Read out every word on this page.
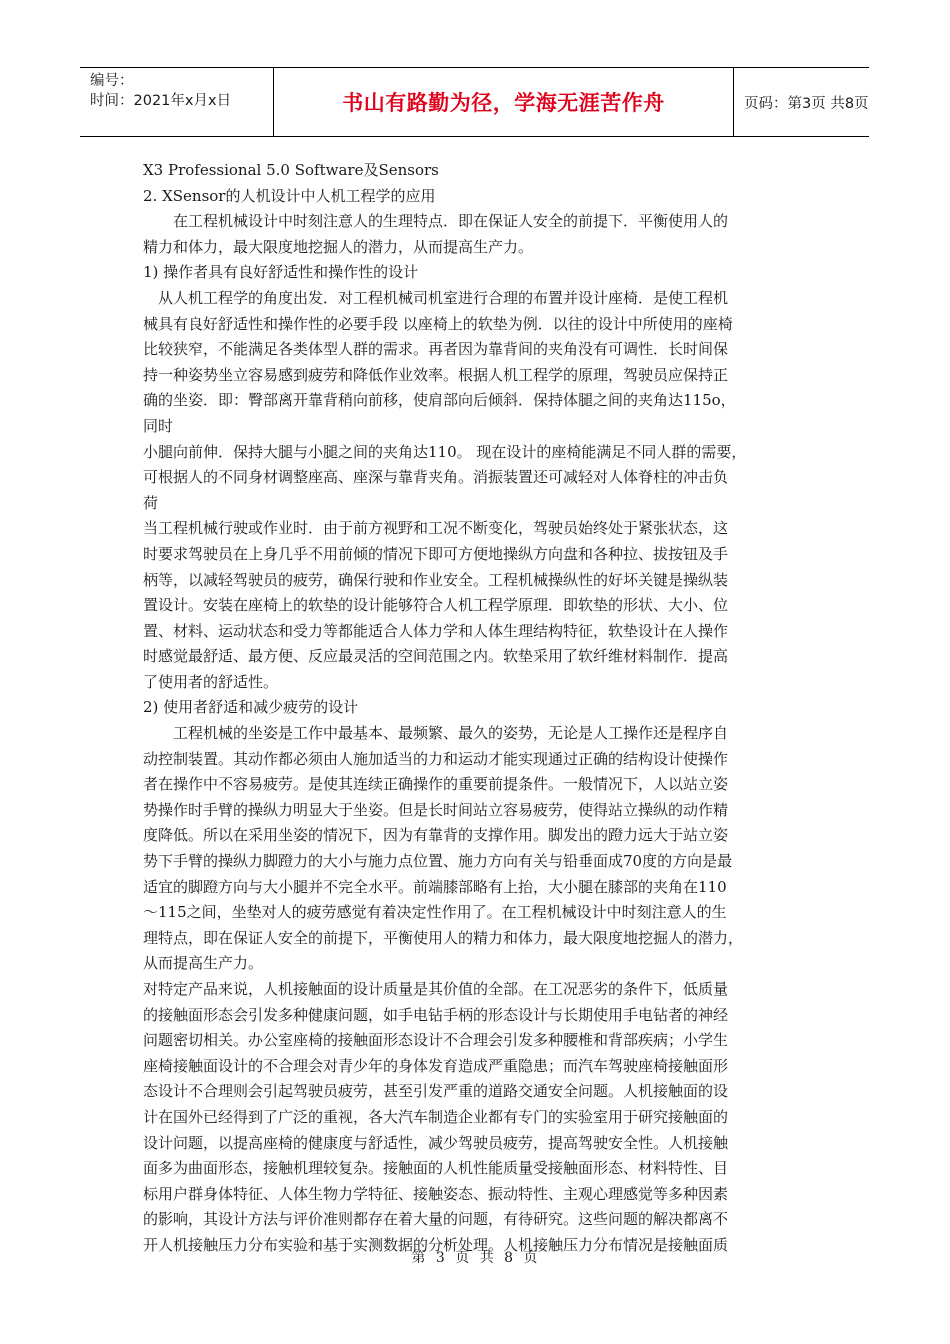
编号：
时间：2021年x月x日	书山有路勤为径，学海无涯苦作舟	页码：第3页 共8页

X3 Professional 5.0 Software及Sensors

2. XSensor的人机设计中人机工程学的应用

　　在工程机械设计中时刻注意人的生理特点．即在保证人安全的前提下．平衡使用人的

精力和体力，最大限度地挖掘人的潜力，从而提高生产力。

1) 操作者具有良好舒适性和操作性的设计

　从人机工程学的角度出发．对工程机械司机室进行合理的布置并设计座椅．是使工程机

械具有良好舒适性和操作性的必要手段 以座椅上的软垫为例．以往的设计中所使用的座椅

比较狭窄，不能满足各类体型人群的需求。再者因为靠背间的夹角没有可调性．长时间保

持一种姿势坐立容易感到疲劳和降低作业效率。根据人机工程学的原理，驾驶员应保持正

确的坐姿．即：臀部离开靠背稍向前移，使肩部向后倾斜．保持体腿之间的夹角达115o，

同时

小腿向前伸．保持大腿与小腿之间的夹角达110。 现在设计的座椅能满足不同人群的需要，

可根据人的不同身材调整座高、座深与靠背夹角。消振装置还可减轻对人体脊柱的冲击负

荷

当工程机械行驶或作业时．由于前方视野和工况不断变化，驾驶员始终处于紧张状态，这

时要求驾驶员在上身几乎不用前倾的情况下即可方便地操纵方向盘和各种拉、拔按钮及手

柄等，以减轻驾驶员的疲劳，确保行驶和作业安全。工程机械操纵性的好坏关键是操纵装

置设计。安装在座椅上的软垫的设计能够符合人机工程学原理．即软垫的形状、大小、位

置、材料、运动状态和受力等都能适合人体力学和人体生理结构特征，软垫设计在人操作

时感觉最舒适、最方便、反应最灵活的空间范围之内。软垫采用了软纤维材料制作．提高

了使用者的舒适性。

2) 使用者舒适和减少疲劳的设计

　　工程机械的坐姿是工作中最基本、最频繁、最久的姿势，无论是人工操作还是程序自

动控制装置。其动作都必须由人施加适当的力和运动才能实现通过正确的结构设计使操作

者在操作中不容易疲劳。是使其连续正确操作的重要前提条件。一般情况下，人以站立姿

势操作时手臂的操纵力明显大于坐姿。但是长时间站立容易疲劳，使得站立操纵的动作精

度降低。所以在采用坐姿的情况下，因为有靠背的支撑作用。脚发出的蹬力远大于站立姿

势下手臂的操纵力脚蹬力的大小与施力点位置、施力方向有关与铅垂面成70度的方向是最

适宜的脚蹬方向与大小腿并不完全水平。前端膝部略有上抬，大小腿在膝部的夹角在110

～115之间，坐垫对人的疲劳感觉有着决定性作用了。在工程机械设计中时刻注意人的生

理特点，即在保证人安全的前提下，平衡使用人的精力和体力，最大限度地挖掘人的潜力，

从而提高生产力。

对特定产品来说，人机接触面的设计质量是其价值的全部。在工况恶劣的条件下，低质量

的接触面形态会引发多种健康问题，如手电钻手柄的形态设计与长期使用手电钻者的神经

问题密切相关。办公室座椅的接触面形态设计不合理会引发多种腰椎和背部疾病；小学生

座椅接触面设计的不合理会对青少年的身体发育造成严重隐患；而汽车驾驶座椅接触面形

态设计不合理则会引起驾驶员疲劳，甚至引发严重的道路交通安全问题。人机接触面的设

计在国外已经得到了广泛的重视，各大汽车制造企业都有专门的实验室用于研究接触面的

设计问题，以提高座椅的健康度与舒适性，减少驾驶员疲劳，提高驾驶安全性。人机接触

面多为曲面形态，接触机理较复杂。接触面的人机性能质量受接触面形态、材料特性、目

标用户群身体特征、人体生物力学特征、接触姿态、振动特性、主观心理感觉等多种因素

的影响，其设计方法与评价准则都存在着大量的问题，有待研究。这些问题的解决都离不

开人机接触压力分布实验和基于实测数据的分析处理。人机接触压力分布情况是接触面质

第 3 页 共 8 页
